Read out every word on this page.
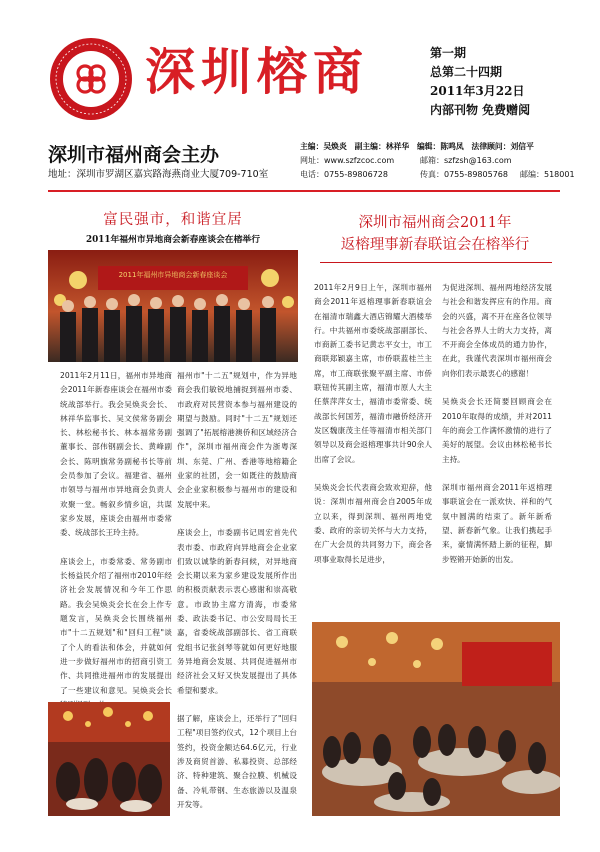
深圳榕商	第一期
总第二十四期
2011年3月22日
内部刊物 免费赠阅
深圳市福州商会主办
地址：深圳市罗湖区嘉宾路海燕商业大厦709-710室
主编：吴焕炎　副主编：林祥华　编辑：陈鸣凤　法律顾问：刘信平
网址：www.szfzcoc.com	邮箱：szfzsh@163.com
电话：0755-89806728	传真：0755-89805768	邮编：518001
富民强市，和谐宜居
2011年福州市异地商会新春座谈会在榕举行
2011年福州市异地商会新春座谈会
2011年2月11日，福州市异地商会2011年新春座谈会在福州市委统战部举行。我会吴焕炎会长、林祥华监事长、吴文侯常务副会长、林松秘书长、林本福常务副董事长、部伟钢副会长、黄峰副会长、陈明旗常务副秘书长等前会员参加了会议。福建省、福州市领导与福州市异地商会负责人欢聚一堂。畅叙乡情乡谊，共谋家乡发展，座谈会由福州市委常委、统战部长王玲主持。

座谈会上，市委常委、常务副市长杨益民介绍了福州市2010年经济社会发展情况和今年工作思路。我会吴焕炎会长在会上作专题发言，吴焕炎会长围绕福州市"十二五规划"和"回归工程"谈了个人的看法和体会，并就如何进一步做好福州市的招商引资工作、共同推进福州市的发展提出了一些建议和意见。吴焕炎会长
福州市"十二五"规划中，作为异地商会我们敏锐地捕捉到福州市委、市政府对民营资本参与福州建设的期望与鼓励。同时"十二五"规划还强调了"拓展榕港澳侨和区域经济合作"，深圳市福州商会作为浙粤深圳、东莞、广州、香港等地榕籍企业家的社团，会一如既往的鼓励商会企业家积极参与福州市的建设和发展中来。

座谈会上，市委副书记周宏首先代表市委、市政府向异地商会企业家们致以诚挚的新春问候，对异地商会长期以来为家乡建设发展所作出的积极贡献表示衷心感谢和崇高敬意。市政协主席方清海，市委常委、政法委书记、市公安局局长王嘉，省委统战部副部长、省工商联党组书记张剑琴等就如何更好地服务异地商会发展、共同促进福州市经济社会又好又快发展提出了具体希望和要求。

据了解，座谈会上，还举行了"回归工程"项目签约仪式，12个项目上台签约，投资金额达64.6亿元，行业涉及商贸首游、私募投资、总部经济、特种建筑、聚合拉膜、机械设备、冷轧带钢、生态旅游以及温泉开发等。
深圳市福州商会2011年
返榕理事新春联谊会在榕举行
2011年2月9日上午，深圳市福州商会2011年返榕理事新春联谊会在福清市瑞鑫大酒店锦耀大酒楼举行。中共福州市委统战部副部长、市商新工委书记黄志平女士，市工商联郑颖嘉主席，市侨联蓝桂兰主席，市工商联张聚平副主席、市侨联钮传其副主席，福清市原人大主任蔡萍萍女士，福清市委常委、统战部长何国芳，福清市融侨经济开发区魏康茂主任等福清市相关部门领导以及商会返榕理事共计90余人出席了会议。

吴焕炎会长代表商会致欢迎辞，他说：深圳市福州商会自2005年成立以来，得到深圳、福州两地党委、政府的亲切关怀与大力支持，在广大会员的共同努力下，商会各项事业取得长足进步，
为促进深圳、福州两地经济发展与社会和谐发挥应有的作用。商会的兴盛，离不开在座各位领导与社会各界人士的大力支持，离不开商会全体成员的通力协作，在此，我谨代表深圳市福州商会向你们表示最衷心的感谢！

吴焕炎会长还简要回顾商会在2010年取得的成绩，并对2011年的商会工作满怀激情的进行了美好的展望。会议由林松秘书长主持。

深圳市福州商会2011年返榕理事联谊会在一派欢快、祥和的气氛中圆满的结束了。新年新希望、新春新气象。让我们携起手来，豪情满怀踏上新的征程，脚步铿锵开始新的出发。
